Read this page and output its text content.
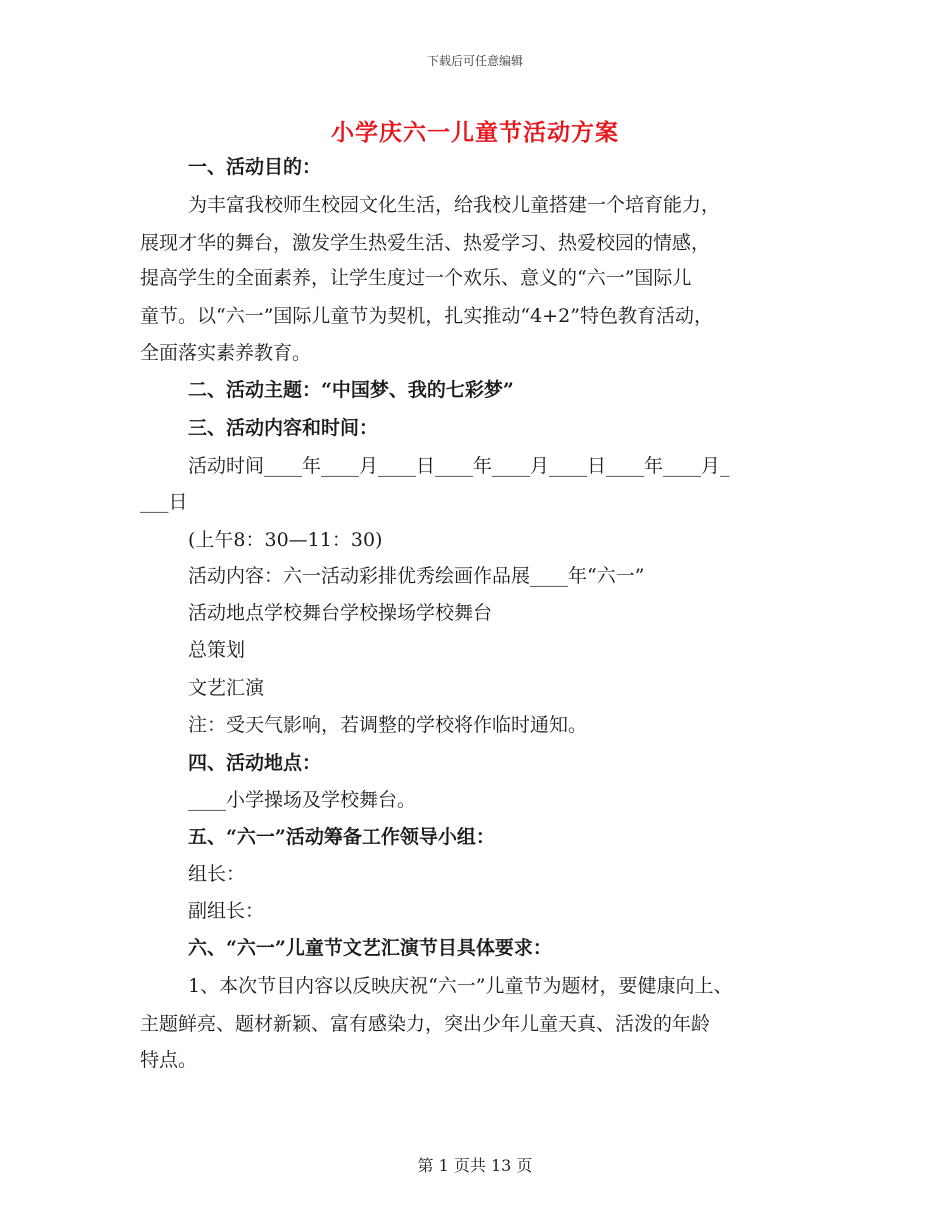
下载后可任意编辑
小学庆六一儿童节活动方案
一、活动目的：
为丰富我校师生校园文化生活，给我校儿童搭建一个培育能力，
展现才华的舞台，激发学生热爱生活、热爱学习、热爱校园的情感，
提高学生的全面素养，让学生度过一个欢乐、意义的“六一”国际儿
童节。以“六一”国际儿童节为契机，扎实推动“4+2”特色教育活动，
全面落实素养教育。
二、活动主题：“中国梦、我的七彩梦”
三、活动内容和时间：
活动时间____年____月____日____年____月____日____年____月_
___日
(上午8：30—11：30)
活动内容：六一活动彩排优秀绘画作品展____年“六一”
活动地点学校舞台学校操场学校舞台
总策划
文艺汇演
注：受天气影响，若调整的学校将作临时通知。
四、活动地点：
____小学操场及学校舞台。
五、“六一”活动筹备工作领导小组：
组长：
副组长：
六、“六一”儿童节文艺汇演节目具体要求：
1、本次节目内容以反映庆祝“六一”儿童节为题材，要健康向上、
主题鲜亮、题材新颖、富有感染力，突出少年儿童天真、活泼的年龄
特点。
第 1 页共 13 页
